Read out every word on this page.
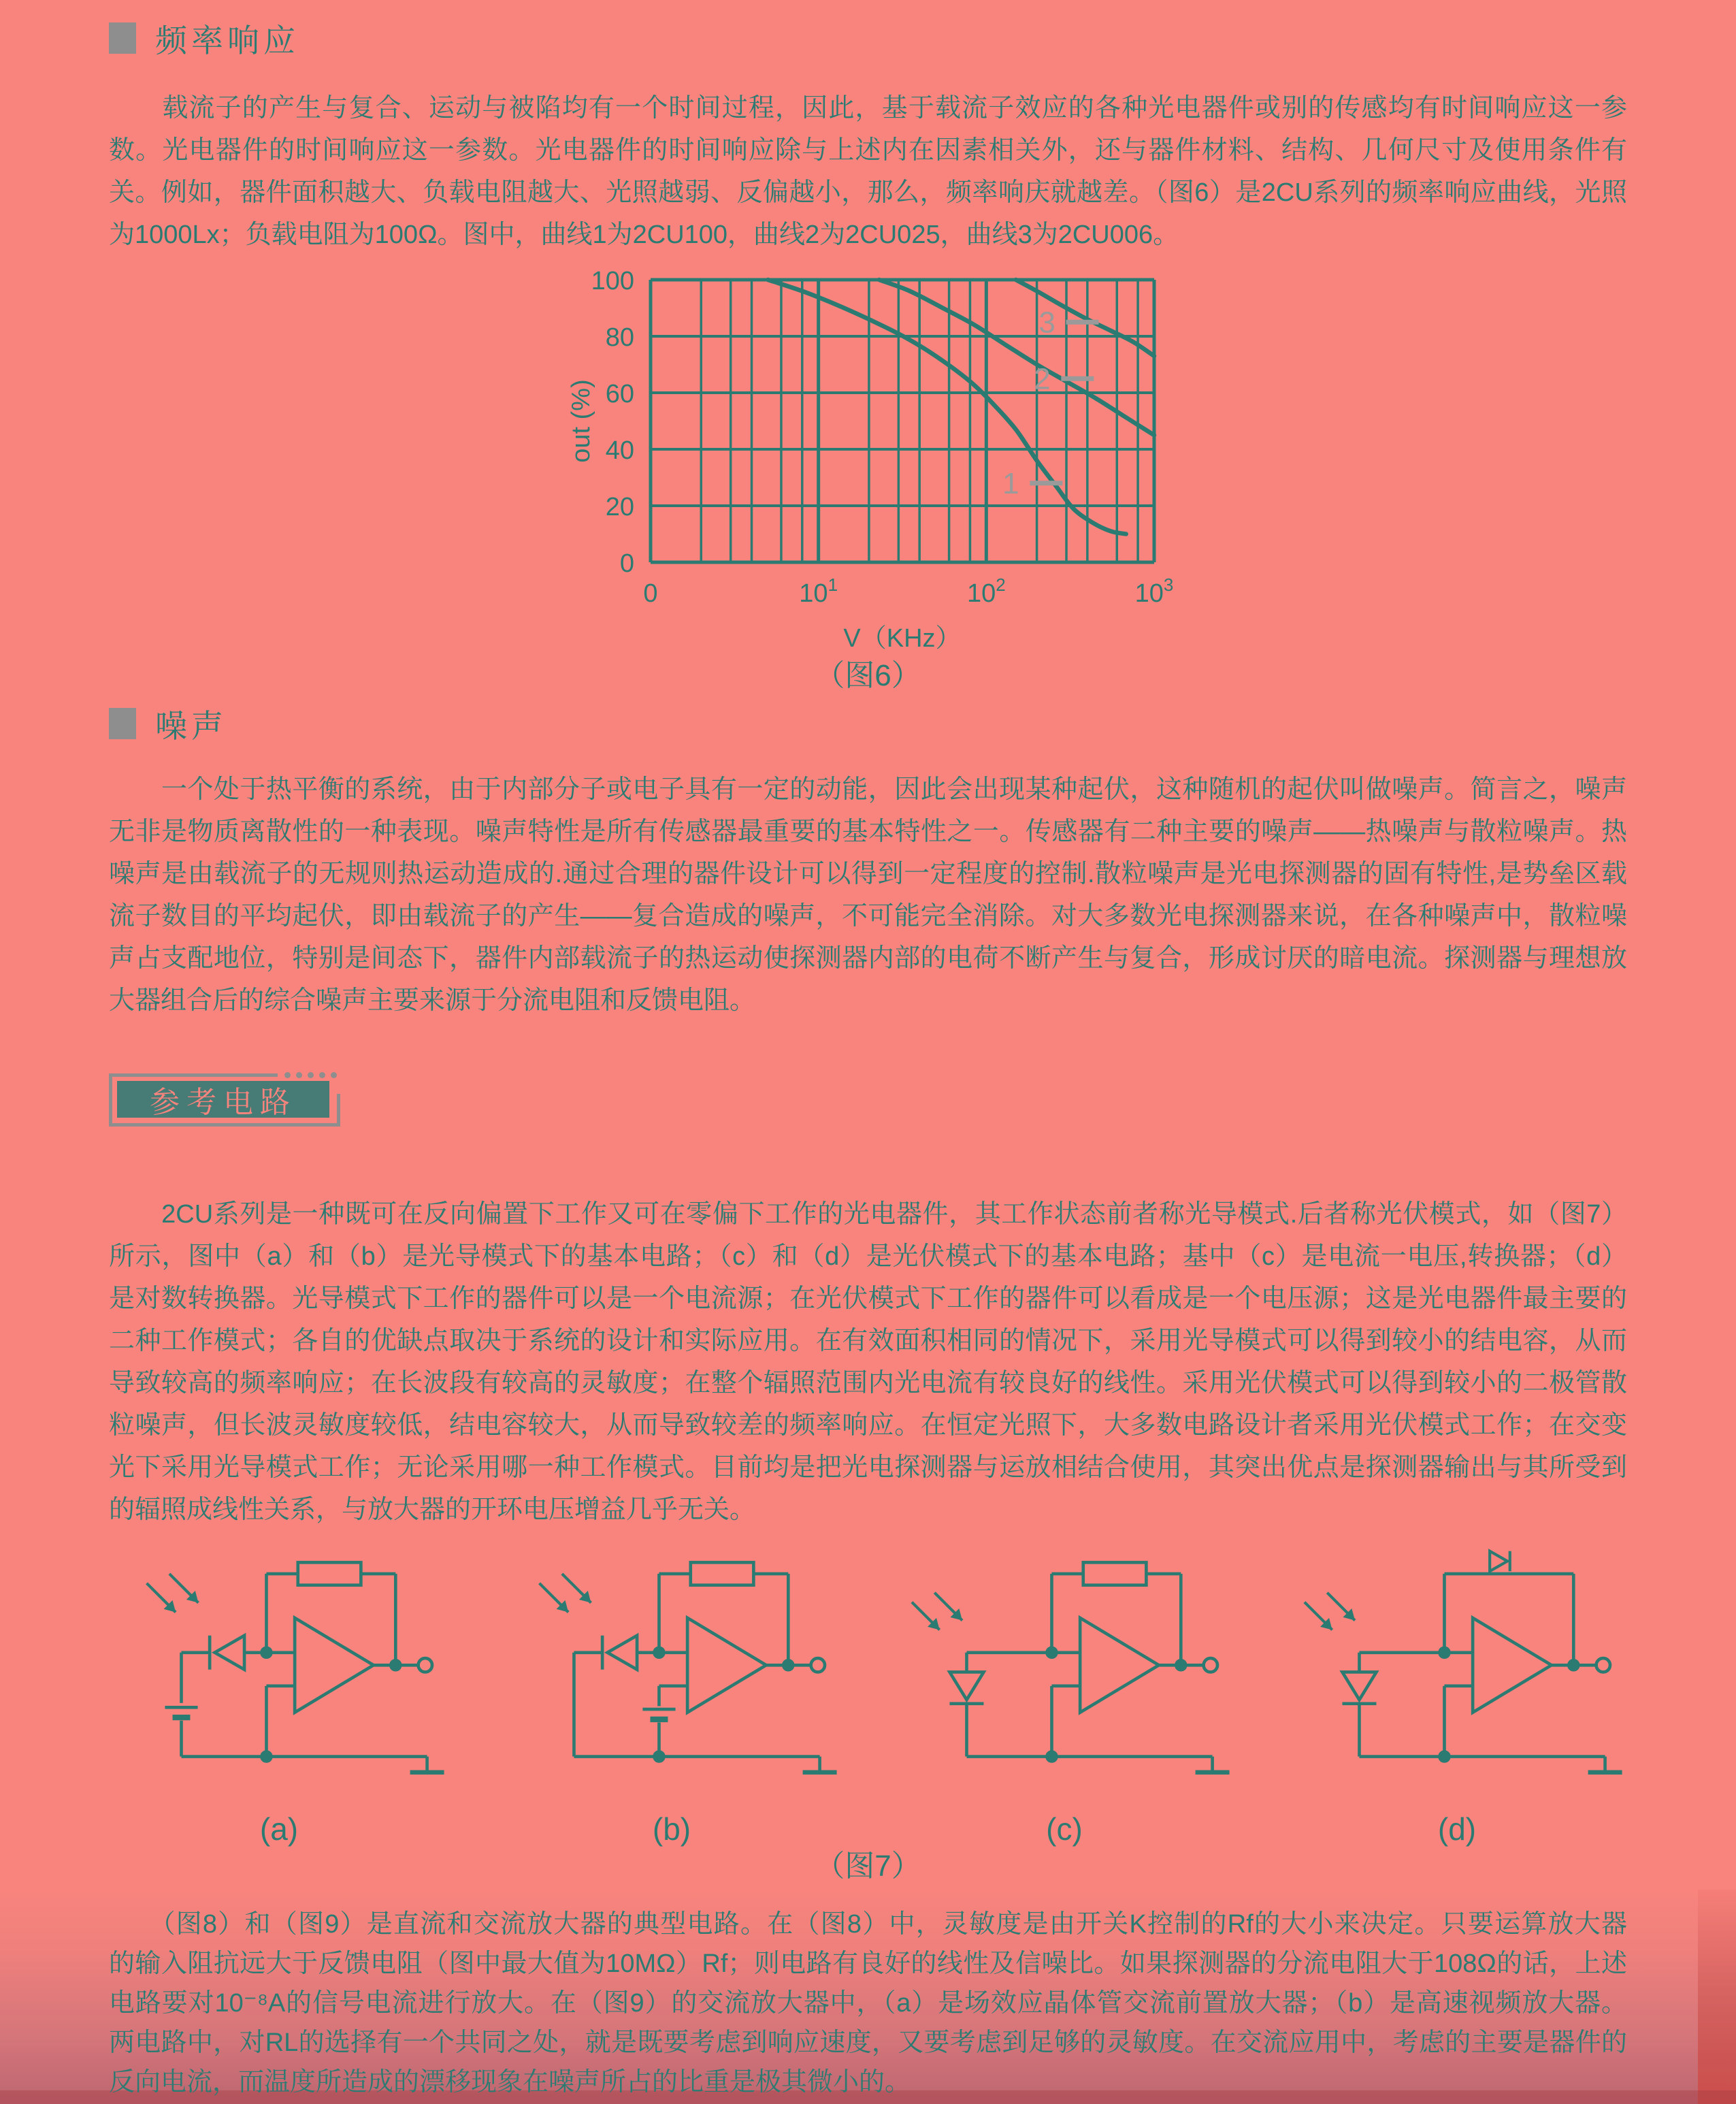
频率响应
　　载流子的产生与复合、运动与被陷均有一个时间过程，因此，基于载流子效应的各种光电器件或别的传感均有时间响应这一参
数。光电器件的时间响应这一参数。光电器件的时间响应除与上述内在因素相关外，还与器件材料、结构、几何尺寸及使用条件有
关。例如，器件面积越大、负载电阻越大、光照越弱、反偏越小，那么，频率响庆就越差。（图6）是2CU系列的频率响应曲线，光照
为1000Lx；负载电阻为100Ω。图中，曲线1为2CU100，曲线2为2CU025，曲线3为2CU006。
0
20
40
60
80
100
0	$10^1$	$10^2$	$10^3$
out (%)
V（KHz）
1
2
3
（图6）
噪声
　　一个处于热平衡的系统，由于内部分子或电子具有一定的动能，因此会出现某种起伏，这种随机的起伏叫做噪声。简言之，噪声
无非是物质离散性的一种表现。噪声特性是所有传感器最重要的基本特性之一。传感器有二种主要的噪声——热噪声与散粒噪声。热
噪声是由载流子的无规则热运动造成的.通过合理的器件设计可以得到一定程度的控制.散粒噪声是光电探测器的固有特性,是势垒区载
流子数目的平均起伏，即由载流子的产生——复合造成的噪声，不可能完全消除。对大多数光电探测器来说，在各种噪声中，散粒噪
声占支配地位，特别是间态下，器件内部载流子的热运动使探测器内部的电荷不断产生与复合，形成讨厌的暗电流。探测器与理想放
大器组合后的综合噪声主要来源于分流电阻和反馈电阻。
参考电路
　　2CU系列是一种既可在反向偏置下工作又可在零偏下工作的光电器件，其工作状态前者称光导模式.后者称光伏模式，如（图7）
所示，图中（a）和（b）是光导模式下的基本电路；（c）和（d）是光伏模式下的基本电路；基中（c）是电流一电压,转换器；（d）
是对数转换器。光导模式下工作的器件可以是一个电流源；在光伏模式下工作的器件可以看成是一个电压源；这是光电器件最主要的
二种工作模式；各自的优缺点取决于系统的设计和实际应用。在有效面积相同的情况下，采用光导模式可以得到较小的结电容，从而
导致较高的频率响应；在长波段有较高的灵敏度；在整个辐照范围内光电流有较良好的线性。采用光伏模式可以得到较小的二极管散
粒噪声，但长波灵敏度较低，结电容较大，从而导致较差的频率响应。在恒定光照下，大多数电路设计者采用光伏模式工作；在交变
光下采用光导模式工作；无论采用哪一种工作模式。目前均是把光电探测器与运放相结合使用，其突出优点是探测器输出与其所受到
的辐照成线性关系，与放大器的开环电压增益几乎无关。
(a)	(b)	(c)	(d)
（图7）
　　（图8）和（图9）是直流和交流放大器的典型电路。在（图8）中，灵敏度是由开关K控制的Rf的大小来决定。只要运算放大器
的输入阻抗远大于反馈电阻（图中最大值为10MΩ）Rf；则电路有良好的线性及信噪比。如果探测器的分流电阻大于108Ω的话，上述
电路要对10⁻⁸A的信号电流进行放大。在（图9）的交流放大器中，（a）是场效应晶体管交流前置放大器；（b）是高速视频放大器。
两电路中，对RL的选择有一个共同之处，就是既要考虑到响应速度，又要考虑到足够的灵敏度。在交流应用中，考虑的主要是器件的
反向电流，而温度所造成的漂移现象在噪声所占的比重是极其微小的。
